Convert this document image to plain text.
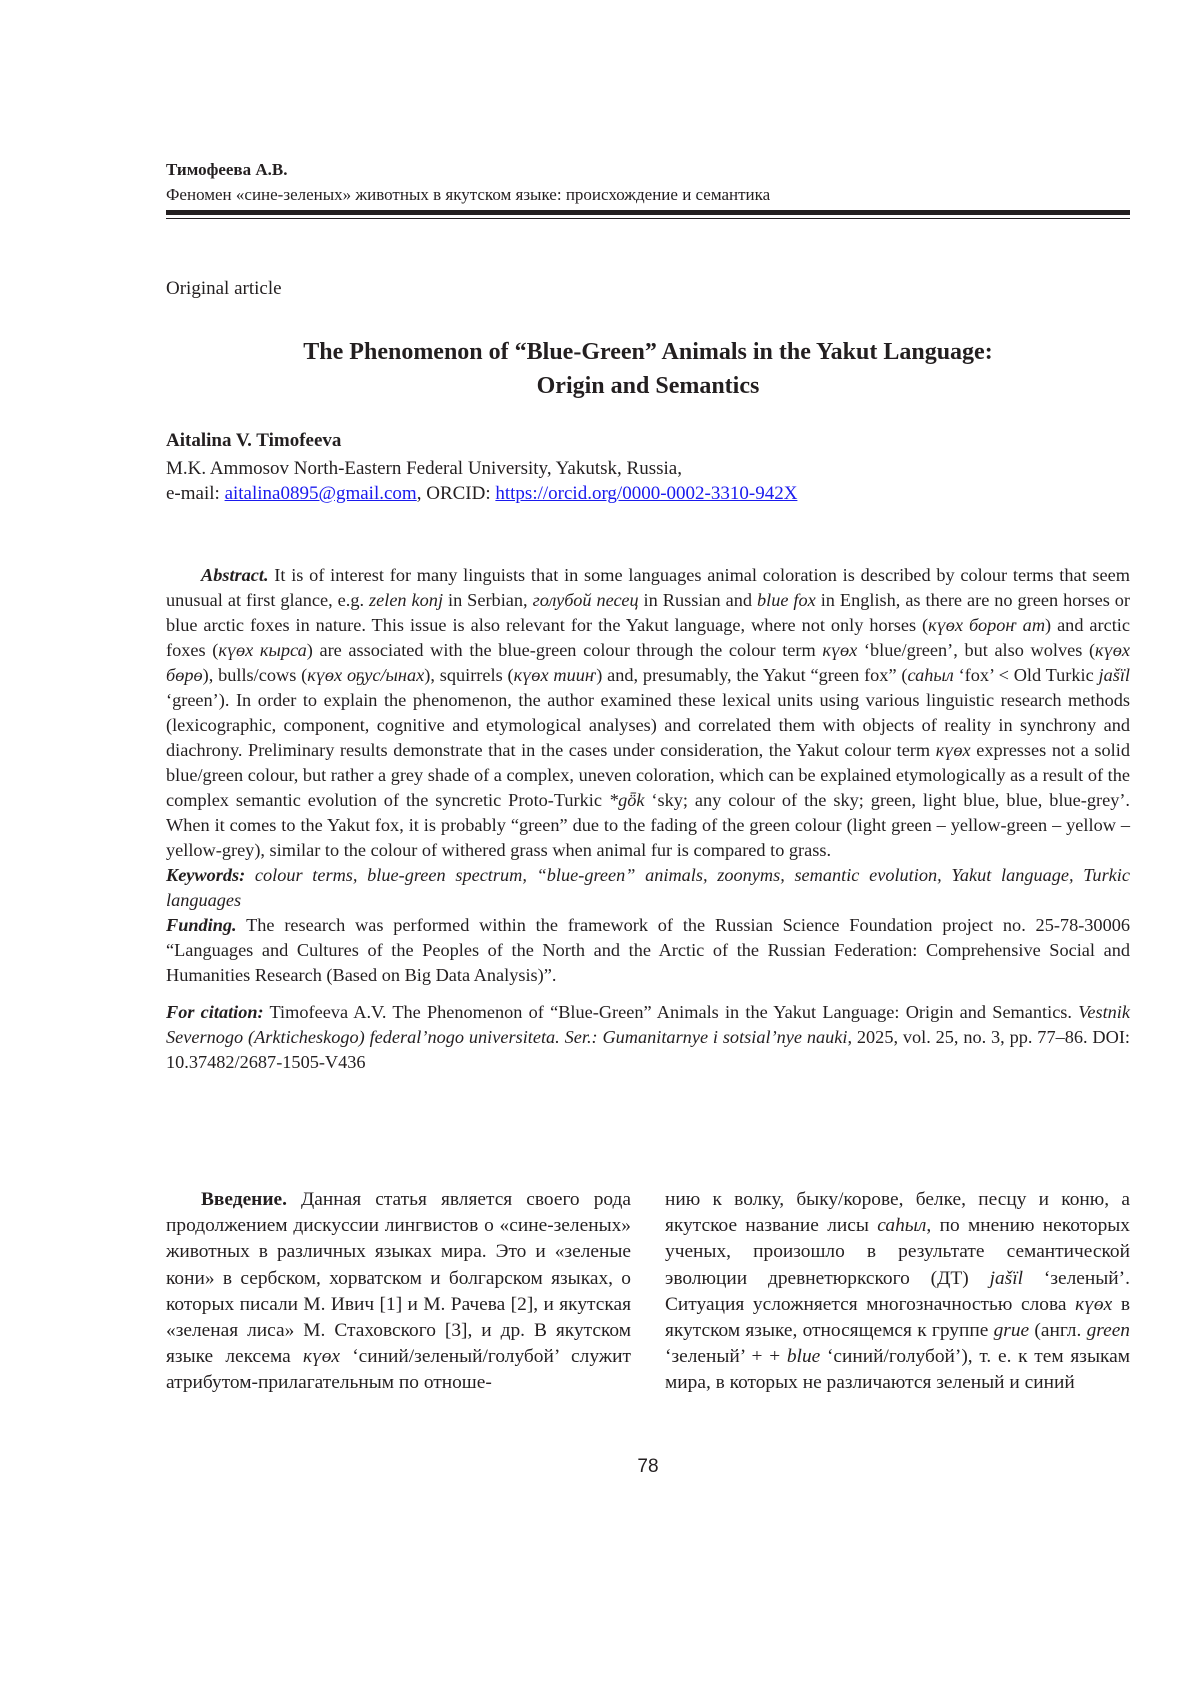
Тимофеева А.В.
Феномен «сине-зеленых» животных в якутском языке: происхождение и семантика
Original article
The Phenomenon of “Blue-Green” Animals in the Yakut Language:
Origin and Semantics
Aitalina V. Timofeeva
M.K. Ammosov North-Eastern Federal University, Yakutsk, Russia,
e-mail: aitalina0895@gmail.com, ORCID: https://orcid.org/0000-0002-3310-942X

Abstract. It is of interest for many linguists that in some languages animal coloration is described by colour terms that seem unusual at first glance, e.g. zelen konj in Serbian, голубой песец in Russian and blue fox in English, as there are no green horses or blue arctic foxes in nature. This issue is also relevant for the Yakut language, where not only horses (күөх бороҥ ат) and arctic foxes (күөх кырса) are associated with the blue-green colour through the colour term күөх ‘blue/green’, but also wolves (күөх бөрө), bulls/cows (күөх оҕус/ынах), squirrels (күөх тииҥ) and, presumably, the Yakut “green fox” (саһыл ‘fox’ < Old Turkic jašïl ‘green’). In order to explain the phenomenon, the author examined these lexical units using various linguistic research methods (lexicographic, component, cognitive and etymological analyses) and correlated them with objects of reality in synchrony and diachrony. Preliminary results demonstrate that in the cases under consideration, the Yakut colour term күөх expresses not a solid blue/green colour, but rather a grey shade of a complex, uneven coloration, which can be explained etymologically as a result of the complex semantic evolution of the syncretic Proto-Turkic *gȫk ‘sky; any colour of the sky; green, light blue, blue, blue-grey’. When it comes to the Yakut fox, it is probably “green” due to the fading of the green colour (light green – yellow-green – yellow – yellow-grey), similar to the colour of withered grass when animal fur is compared to grass.

Keywords: colour terms, blue-green spectrum, “blue-green” animals, zoonyms, semantic evolution, Yakut language, Turkic languages

Funding. The research was performed within the framework of the Russian Science Foundation project no. 25-78-30006 “Languages and Cultures of the Peoples of the North and the Arctic of the Russian Federation: Comprehensive Social and Humanities Research (Based on Big Data Analysis)”.

For citation: Timofeeva A.V. The Phenomenon of “Blue-Green” Animals in the Yakut Language: Origin and Semantics. Vestnik Severnogo (Arkticheskogo) federal’nogo universiteta. Ser.: Gumanitarnye i sotsial’nye nauki, 2025, vol. 25, no. 3, pp. 77–86. DOI: 10.37482/2687-1505-V436

Введение. Данная статья является своего рода продолжением дискуссии лингвистов о «сине-зеленых» животных в различных языках мира. Это и «зеленые кони» в сербском, хорватском и болгарском языках, о которых писали М. Ивич [1] и М. Рачева [2], и якутская «зеленая лиса» М. Стаховского [3], и др. В якутском языке лексема күөх ‘синий/зеленый/голубой’ служит атрибутом-прилагательным по отноше-

нию к волку, быку/корове, белке, песцу и коню, а якутское название лисы саһыл, по мнению некоторых ученых, произошло в результате семантической эволюции древнетюркского (ДТ) jašïl ‘зеленый’. Ситуация усложняется многозначностью слова күөх в якутском языке, относящемся к группе grue (англ. green ‘зеленый’ + + blue ‘синий/голубой’), т. е. к тем языкам мира, в которых не различаются зеленый и синий

78
